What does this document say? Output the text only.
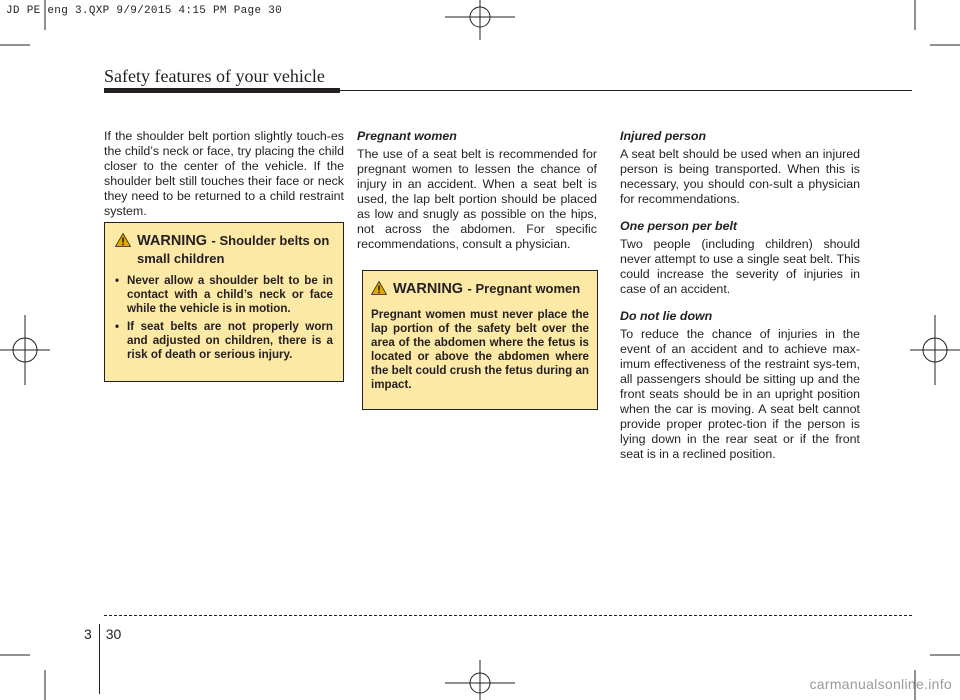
JD PE eng 3.QXP 9/9/2015 4:15 PM Page 30
Safety features of your vehicle

If the shoulder belt portion slightly touch-es the child’s neck or face, try placing the child closer to the center of the vehicle. If the shoulder belt still touches their face or neck they need to be returned to a child restraint system.

WARNING - Shoulder belts on small children
• Never allow a shoulder belt to be in contact with a child’s neck or face while the vehicle is in motion.
• If seat belts are not properly worn and adjusted on children, there is a risk of death or serious injury.
Pregnant women

The use of a seat belt is recommended for pregnant women to lessen the chance of injury in an accident. When a seat belt is used, the lap belt portion should be placed as low and snugly as possible on the hips, not across the abdomen. For specific recommendations, consult a physician.

WARNING - Pregnant women
Pregnant women must never place the lap portion of the safety belt over the area of the abdomen where the fetus is located or above the abdomen where the belt could crush the fetus during an impact.
Injured person

A seat belt should be used when an injured person is being transported. When this is necessary, you should con-sult a physician for recommendations.

One person per belt

Two people (including children) should never attempt to use a single seat belt. This could increase the severity of injuries in case of an accident.

Do not lie down

To reduce the chance of injuries in the event of an accident and to achieve max-imum effectiveness of the restraint sys-tem, all passengers should be sitting up and the front seats should be in an upright position when the car is moving. A seat belt cannot provide proper protec-tion if the person is lying down in the rear seat or if the front seat is in a reclined position.

3 30
carmanualsonline.info
